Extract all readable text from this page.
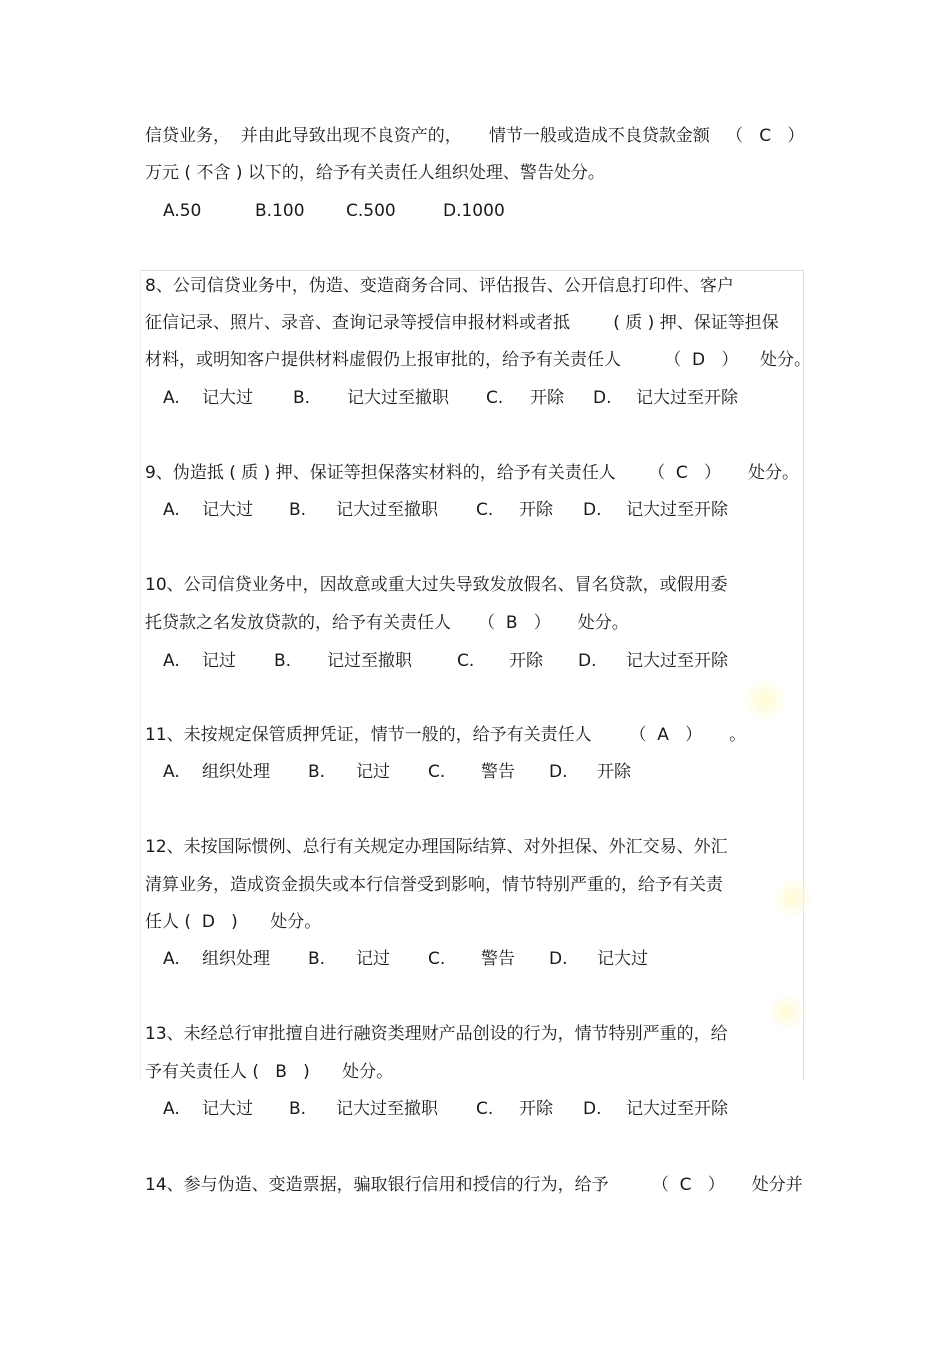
信贷业务，  并由此导致出现不良资产的，     情节一般或造成不良贷款金额   （   C   ）
万元 ( 不含 ) 以下的，给予有关责任人组织处理、警告处分。
A.50	B.100 C.500	D.1000
8、公司信贷业务中，伪造、变造商务合同、评估报告、公开信息打印件、客户
征信记录、照片、录音、查询记录等授信申报材料或者抵        ( 质 ) 押、保证等担保
材料，或明知客户提供材料虚假仍上报审批的，给予有关责任人        （  D   ）    处分。
A. 记大过 B. 记大过至撤职 C. 开除 D. 记大过至开除
9、伪造抵 ( 质 ) 押、保证等担保落实材料的，给予有关责任人      （  C   ）     处分。
A. 记大过 B. 记大过至撤职 C. 开除 D. 记大过至开除
10、公司信贷业务中，因故意或重大过失导致发放假名、冒名贷款，或假用委
托贷款之名发放贷款的，给予有关责任人     （  B   ）     处分。
A. 记过 B. 记过至撤职	C. 开除 D. 记大过至开除
11、未按规定保管质押凭证，情节一般的，给予有关责任人       （  A   ）     。
A. 组织处理 B. 记过 C. 警告 D. 开除
12、未按国际惯例、总行有关规定办理国际结算、对外担保、外汇交易、外汇
清算业务，造成资金损失或本行信誉受到影响，情节特别严重的，给予有关责
任人 (  D   )      处分。
A. 组织处理 B. 记过 C. 警告 D. 记大过
13、未经总行审批擅自进行融资类理财产品创设的行为，情节特别严重的，给
予有关责任人 (   B   )      处分。
A. 记大过 B. 记大过至撤职 C. 开除 D. 记大过至开除
14、参与伪造、变造票据，骗取银行信用和授信的行为，给予        （  C   ）     处分并
